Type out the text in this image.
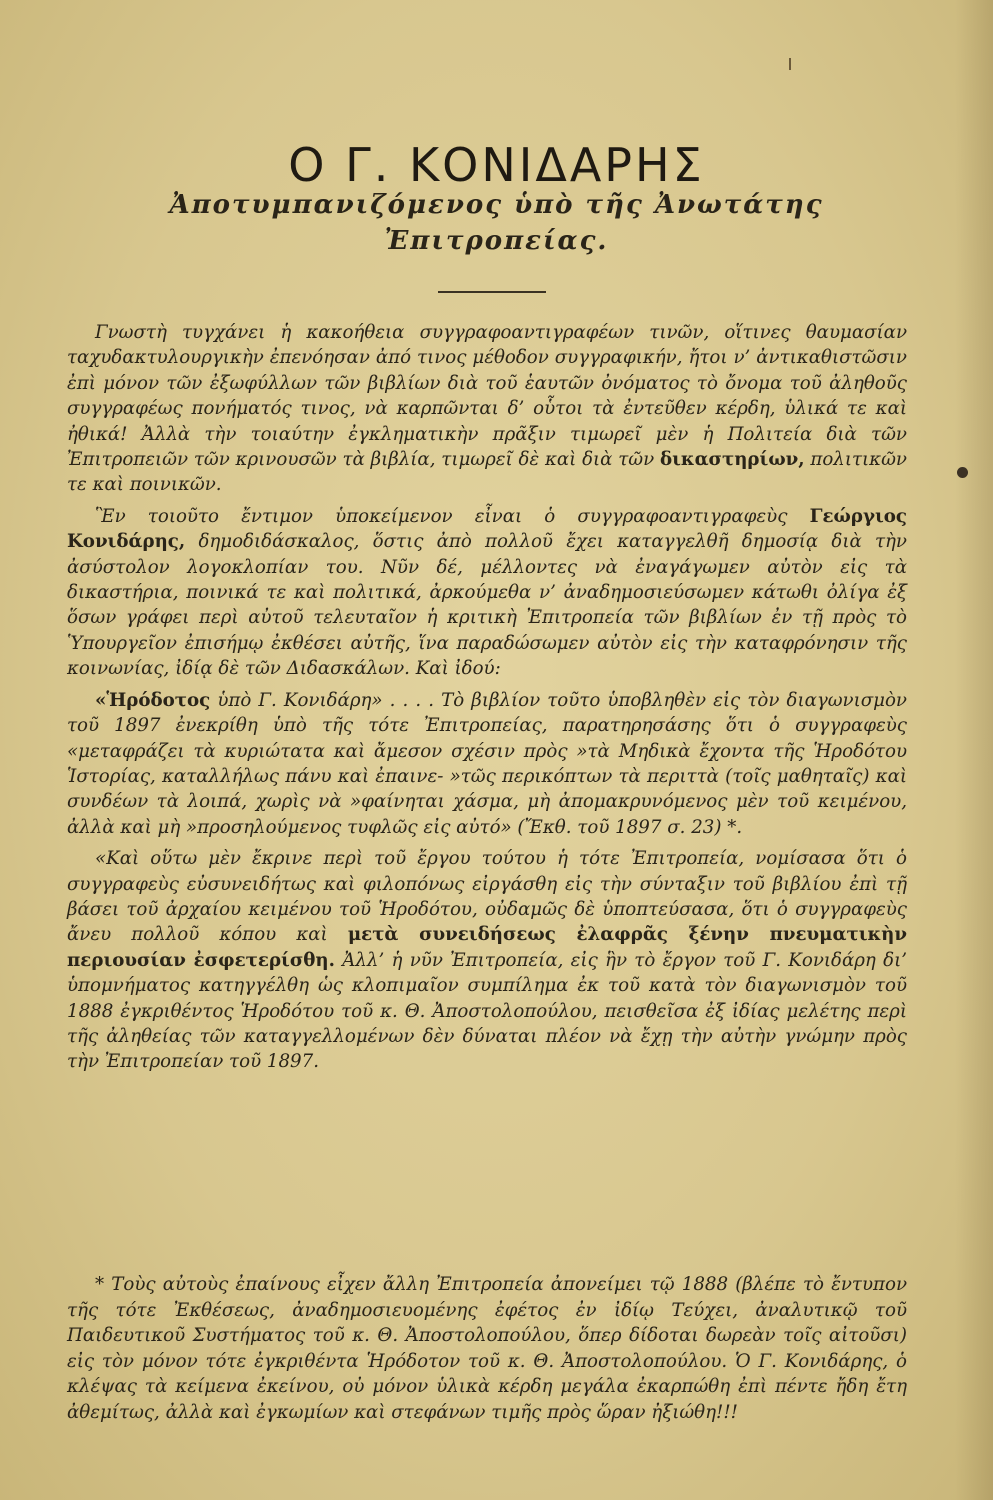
Ο Γ. ΚΟΝΙΔΑΡΗΣ
Ἀποτυμπανιζόμενος ὑπὸ τῆς Ἀνωτάτης
Ἐπιτροπείας.

Γνωστὴ τυγχάνει ἡ κακοήθεια συγγραφοαντιγραφέων τινῶν, οἵτινες θαυμασίαν ταχυδακτυλουργικὴν ἐπενόησαν ἀπό τινος μέθοδον συγγραφικήν, ἤτοι ν’ ἀντικαθιστῶσιν ἐπὶ μόνον τῶν ἐξωφύλλων τῶν βιβλίων διὰ τοῦ ἑαυτῶν ὀνόματος τὸ ὄνομα τοῦ ἀληθοῦς συγγραφέως πονήματός τινος, νὰ καρπῶνται δ’ οὗτοι τὰ ἐντεῦθεν κέρδη, ὑλικά τε καὶ ἠθικά! Ἀλλὰ τὴν τοιαύτην ἐγκληματικὴν πρᾶξιν τιμωρεῖ μὲν ἡ Πολιτεία διὰ τῶν Ἐπιτροπειῶν τῶν κρινουσῶν τὰ βιβλία, τιμωρεῖ δὲ καὶ διὰ τῶν δικαστηρίων, πολιτικῶν τε καὶ ποινικῶν.

Ἓν τοιοῦτο ἔντιμον ὑποκείμενον εἶναι ὁ συγγραφοαντιγραφεὺς Γεώργιος Κονιδάρης, δημοδιδάσκαλος, ὅστις ἀπὸ πολλοῦ ἔχει καταγγελθῆ δημοσίᾳ διὰ τὴν ἀσύστολον λογοκλοπίαν του. Νῦν δέ, μέλλοντες νὰ ἐναγάγωμεν αὐτὸν εἰς τὰ δικαστήρια, ποινικά τε καὶ πολιτικά, ἀρκούμεθα ν’ ἀναδημοσιεύσωμεν κάτωθι ὀλίγα ἐξ ὅσων γράφει περὶ αὐτοῦ τελευταῖον ἡ κριτικὴ Ἐπιτροπεία τῶν βιβλίων ἐν τῇ πρὸς τὸ Ὑπουργεῖον ἐπισήμῳ ἐκθέσει αὐτῆς, ἵνα παραδώσωμεν αὐτὸν εἰς τὴν καταφρόνησιν τῆς κοινωνίας, ἰδίᾳ δὲ τῶν Διδασκάλων. Καὶ ἰδού:

«Ἡρόδοτος ὑπὸ Γ. Κονιδάρη» . . . . Τὸ βιβλίον τοῦτο ὑποβληθὲν εἰς τὸν διαγωνισμὸν τοῦ 1897 ἐνεκρίθη ὑπὸ τῆς τότε Ἐπιτροπείας, παρατηρησάσης ὅτι ὁ συγγραφεὺς «μεταφράζει τὰ κυριώτατα καὶ ἄμεσον σχέσιν πρὸς »τὰ Μηδικὰ ἔχοντα τῆς Ἡροδότου Ἱστορίας, καταλλήλως πάνυ καὶ ἐπαινε- »τῶς περικόπτων τὰ περιττὰ (τοῖς μαθηταῖς) καὶ συνδέων τὰ λοιπά, χωρὶς νὰ »φαίνηται χάσμα, μὴ ἀπομακρυνόμενος μὲν τοῦ κειμένου, ἀλλὰ καὶ μὴ »προσηλούμενος τυφλῶς εἰς αὐτό» (Ἔκθ. τοῦ 1897 σ. 23) *.

«Καὶ οὕτω μὲν ἔκρινε περὶ τοῦ ἔργου τούτου ἡ τότε Ἐπιτροπεία, νομίσασα ὅτι ὁ συγγραφεὺς εὐσυνειδήτως καὶ φιλοπόνως εἰργάσθη εἰς τὴν σύνταξιν τοῦ βιβλίου ἐπὶ τῇ βάσει τοῦ ἀρχαίου κειμένου τοῦ Ἡροδότου, οὐδαμῶς δὲ ὑποπτεύσασα, ὅτι ὁ συγγραφεὺς ἄνευ πολλοῦ κόπου καὶ μετὰ συνειδήσεως ἐλαφρᾶς ξένην πνευματικὴν περιουσίαν ἐσφετερίσθη. Ἀλλ’ ἡ νῦν Ἐπιτροπεία, εἰς ἣν τὸ ἔργον τοῦ Γ. Κονιδάρη δι’ ὑπομνήματος κατηγγέλθη ὡς κλοπιμαῖον συμπίλημα ἐκ τοῦ κατὰ τὸν διαγωνισμὸν τοῦ 1888 ἐγκριθέντος Ἡροδότου τοῦ κ. Θ. Ἀποστολοπούλου, πεισθεῖσα ἐξ ἰδίας μελέτης περὶ τῆς ἀληθείας τῶν καταγγελλομένων δὲν δύναται πλέον νὰ ἔχῃ τὴν αὐτὴν γνώμην πρὸς τὴν Ἐπιτροπείαν τοῦ 1897.

* Τοὺς αὐτοὺς ἐπαίνους εἶχεν ἄλλη Ἐπιτροπεία ἀπονείμει τῷ 1888 (βλέπε τὸ ἔντυπον τῆς τότε Ἐκθέσεως, ἀναδημοσιευομένης ἐφέτος ἐν ἰδίῳ Τεύχει, ἀναλυτικῷ τοῦ Παιδευτικοῦ Συστήματος τοῦ κ. Θ. Ἀποστολοπούλου, ὅπερ δίδοται δωρεὰν τοῖς αἰτοῦσι) εἰς τὸν μόνον τότε ἐγκριθέντα Ἡρόδοτον τοῦ κ. Θ. Ἀποστολοπούλου. Ὁ Γ. Κονιδάρης, ὁ κλέψας τὰ κείμενα ἐκείνου, οὐ μόνον ὑλικὰ κέρδη μεγάλα ἐκαρπώθη ἐπὶ πέντε ἤδη ἔτη ἀθεμίτως, ἀλλὰ καὶ ἐγκωμίων καὶ στεφάνων τιμῆς πρὸς ὥραν ἠξιώθη!!!
